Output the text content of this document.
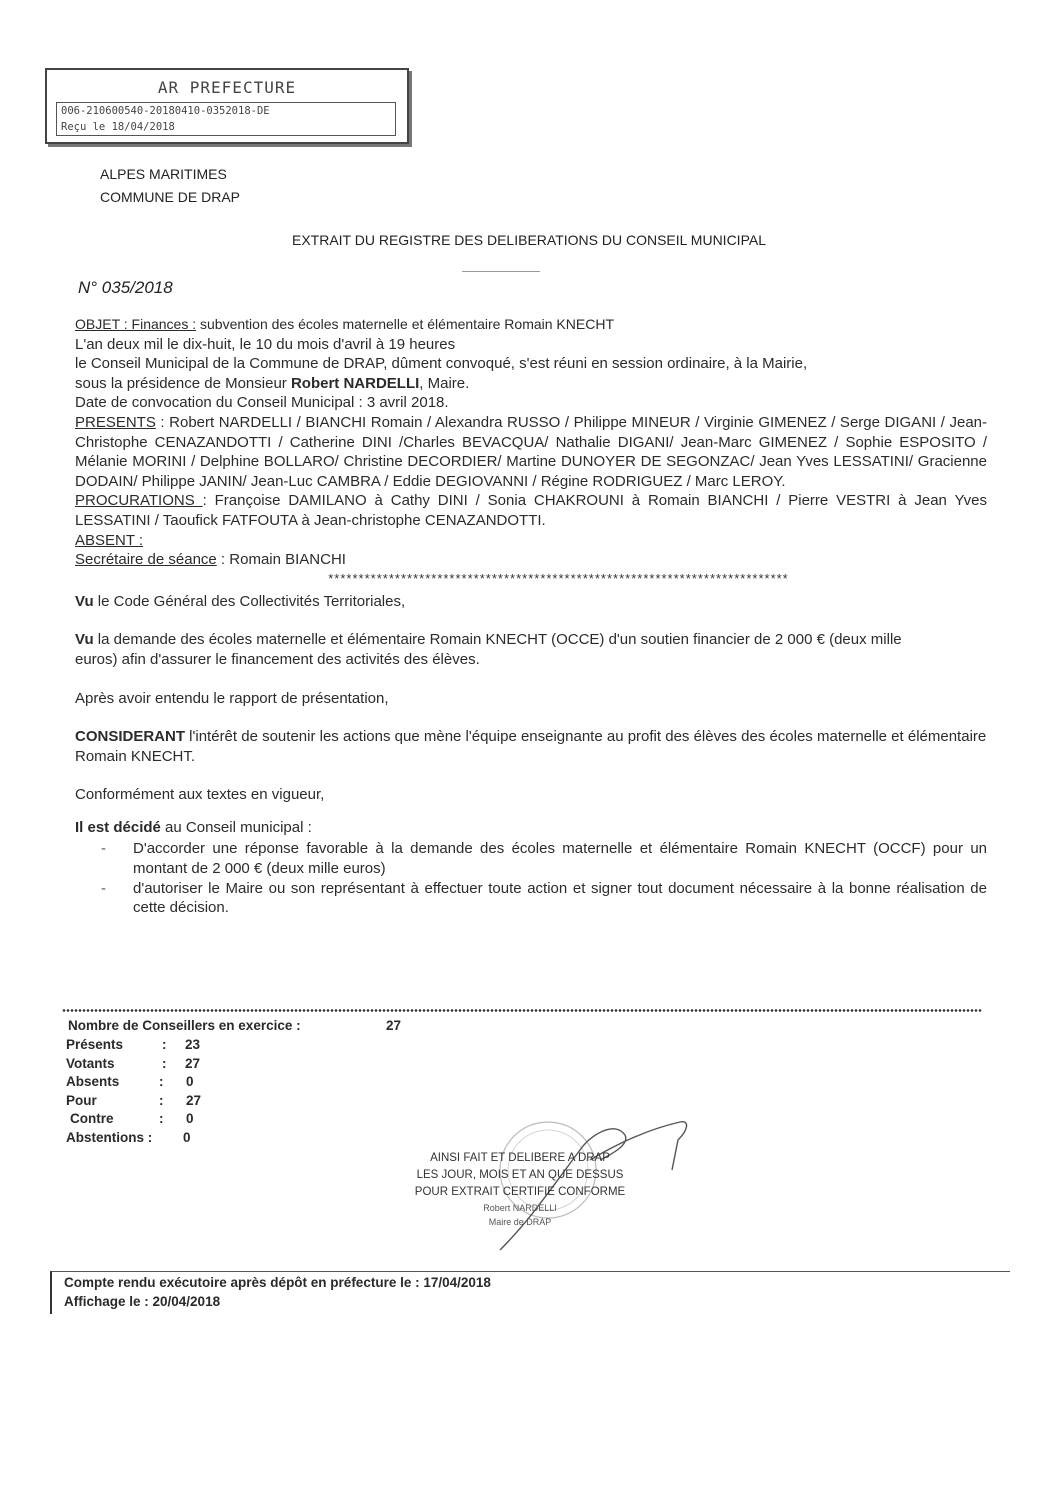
AR PREFECTURE
006-210600540-20180410-0352018-DE
Reçu le 18/04/2018
ALPES MARITIMES
COMMUNE DE DRAP
EXTRAIT DU REGISTRE DES DELIBERATIONS DU CONSEIL MUNICIPAL
N° 035/2018

OBJET : Finances : subvention des écoles maternelle et élémentaire Romain KNECHT

L'an deux mil le dix-huit, le 10 du mois d'avril à 19 heures

le Conseil Municipal de la Commune de DRAP, dûment convoqué, s'est réuni en session ordinaire, à la Mairie,

sous la présidence de Monsieur Robert NARDELLI, Maire.

Date de convocation du Conseil Municipal : 3 avril 2018.

PRESENTS : Robert NARDELLI / BIANCHI Romain / Alexandra RUSSO / Philippe MINEUR / Virginie GIMENEZ / Serge DIGANI / Jean-Christophe CENAZANDOTTI / Catherine DINI /Charles BEVACQUA/ Nathalie DIGANI/ Jean-Marc GIMENEZ / Sophie ESPOSITO / Mélanie MORINI / Delphine BOLLARO/ Christine DECORDIER/ Martine DUNOYER DE SEGONZAC/ Jean Yves LESSATINI/ Gracienne DODAIN/ Philippe JANIN/ Jean-Luc CAMBRA / Eddie DEGIOVANNI / Régine RODRIGUEZ / Marc LEROY.

PROCURATIONS : Françoise DAMILANO à Cathy DINI / Sonia CHAKROUNI à Romain BIANCHI / Pierre VESTRI à Jean Yves LESSATINI / Taoufick FATFOUTA à Jean-christophe CENAZANDOTTI.

ABSENT :

Secrétaire de séance : Romain BIANCHI

****************************************************************************

Vu le Code Général des Collectivités Territoriales,

Vu la demande des écoles maternelle et élémentaire Romain KNECHT (OCCE) d'un soutien financier de 2 000 € (deux mille euros) afin d'assurer le financement des activités des élèves.

Après avoir entendu le rapport de présentation,

CONSIDERANT l'intérêt de soutenir les actions que mène l'équipe enseignante au profit des élèves des écoles maternelle et élémentaire Romain KNECHT.

Conformément aux textes en vigueur,

Il est décidé au Conseil municipal :

- D'accorder une réponse favorable à la demande des écoles maternelle et élémentaire Romain KNECHT (OCCF) pour un montant de 2 000 € (deux mille euros)
- d'autoriser le Maire ou son représentant à effectuer toute action et signer tout document nécessaire à la bonne réalisation de cette décision.
Nombre de Conseillers en exercice :	27
Présents	: 23
Votants	: 27
Absents	: 0
Pour	: 27
Contre	: 0
Abstentions : 0
AINSI FAIT ET DELIBERE A DRAP
LES JOUR, MOIS ET AN QUE DESSUS
POUR EXTRAIT CERTIFIE CONFORME
Robert NARDELLI
Maire de DRAP
Compte rendu exécutoire après dépôt en préfecture le : 17/04/2018
Affichage le : 20/04/2018
